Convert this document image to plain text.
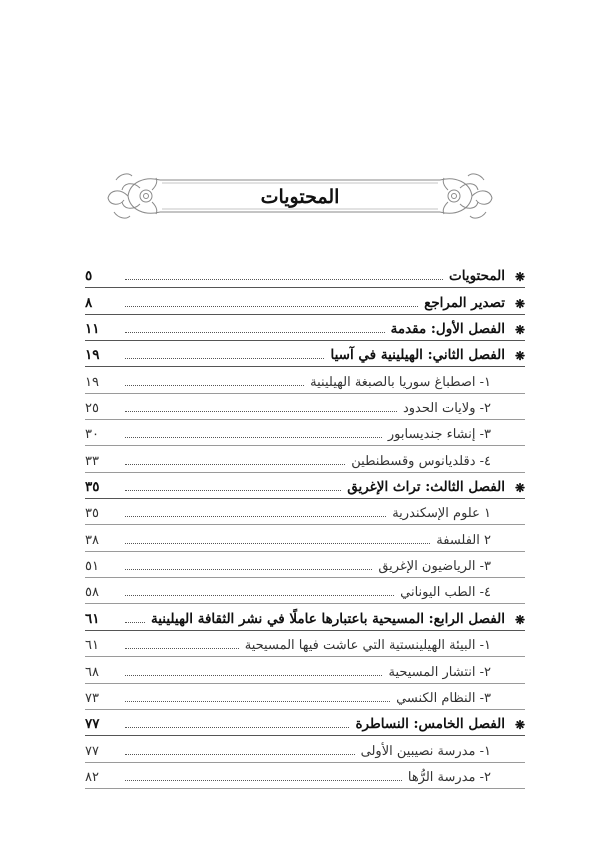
المحتويات
❋
المحتويات
٥
❋
تصدير المراجع
٨
❋
الفصل الأول: مقدمة
١١
❋
الفصل الثاني: الهيلينية في آسيا
١٩
١- اصطباغ سوريا بالصبغة الهيلينية
١٩
٢- ولايات الحدود
٢٥
٣- إنشاء جنديسابور
٣٠
٤- دقلديانوس وقسطنطين
٣٣
❋
الفصل الثالث: تراث الإغريق
٣٥
١ علوم الإسكندرية
٣٥
٢ الفلسفة
٣٨
٣- الرياضيون الإغريق
٥١
٤- الطب اليوناني
٥٨
❋
الفصل الرابع: المسيحية باعتبارها عاملًا في نشر الثقافة الهيلينية
٦١
١- البيئة الهيلينستية التي عاشت فيها المسيحية
٦١
٢- انتشار المسيحية
٦٨
٣- النظام الكنسي
٧٣
❋
الفصل الخامس: النساطرة
٧٧
١- مدرسة نصيبين الأولى
٧٧
٢- مدرسة الرُّها
٨٢
